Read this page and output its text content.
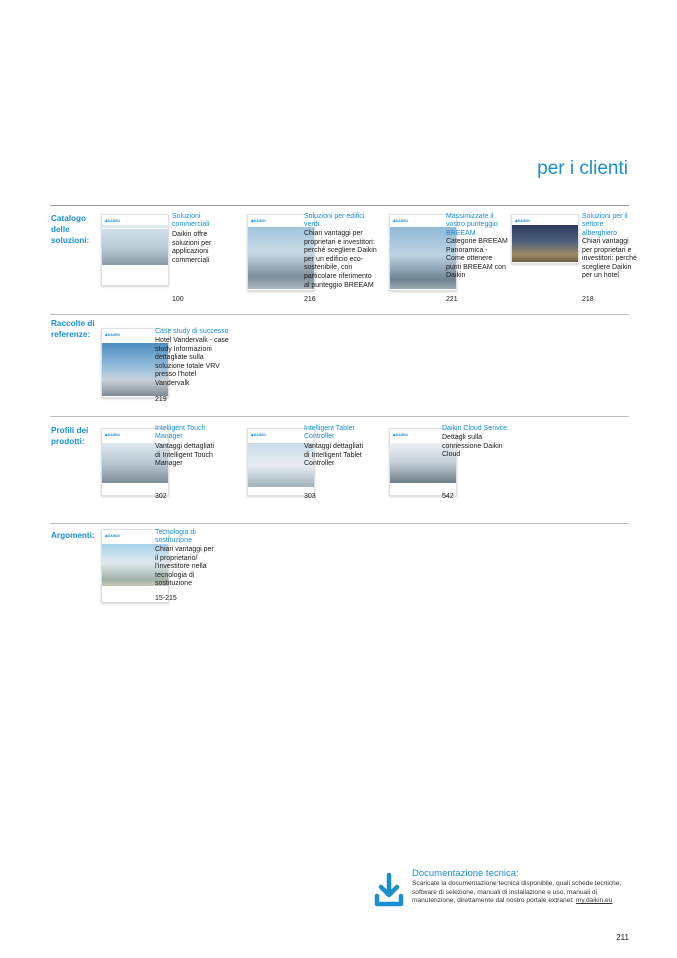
per i clienti
Catalogo delle soluzioni:
◆DAIKIN
Soluzioni commerciali
Daikin offre soluzioni per applicazioni commerciali
100
◆DAIKIN
Soluzioni per edifici verdi
Chiari vantaggi per proprietari e investitori: perché scegliere Daikin per un edificio eco-sostenibile, con particolare riferimento al punteggio BREEAM
216
◆DAIKIN
Massimizzate il vostro punteggio BREEAM
Categorie BREEAM Panoramica - Come ottenere punti BREEAM con Daikin
221
◆DAIKIN
Soluzioni per il settore alberghiero
Chiari vantaggi per proprietari e investitori: perché scegliere Daikin per un hotel
218
Raccolte di referenze:	◆DAIKIN	Case study di successo
Hotel Vandervalk - case study Informazioni dettagliate sulla soluzione totale VRV presso l'hotel Vandervalk
219
Profili dei prodotti:
◆DAIKIN
Intelligent Touch Manager
Vantaggi dettagliati di Intelligent Touch Manager
302
◆DAIKIN
Intelligent Tablet Controller
Vantaggi dettagliati di Intelligent Tablet Controller
303
◆DAIKIN
Daikin Cloud Serivce
Dettagli sulla connessione Daikin Cloud
542
Argomenti:	◆DAIKIN	Tecnologia di sostituzione
Chiari vantaggi per il proprietario/ l'investitore nella tecnologia di sostituzione
15-215
Documentazione tecnica:
Scaricate la documentazione tecnica disponibile, quali schede tecniche, software di selezione, manuali di installazione e uso, manuali di manutenzione, direttamente dal nostro portale extranet: my.daikin.eu
211
